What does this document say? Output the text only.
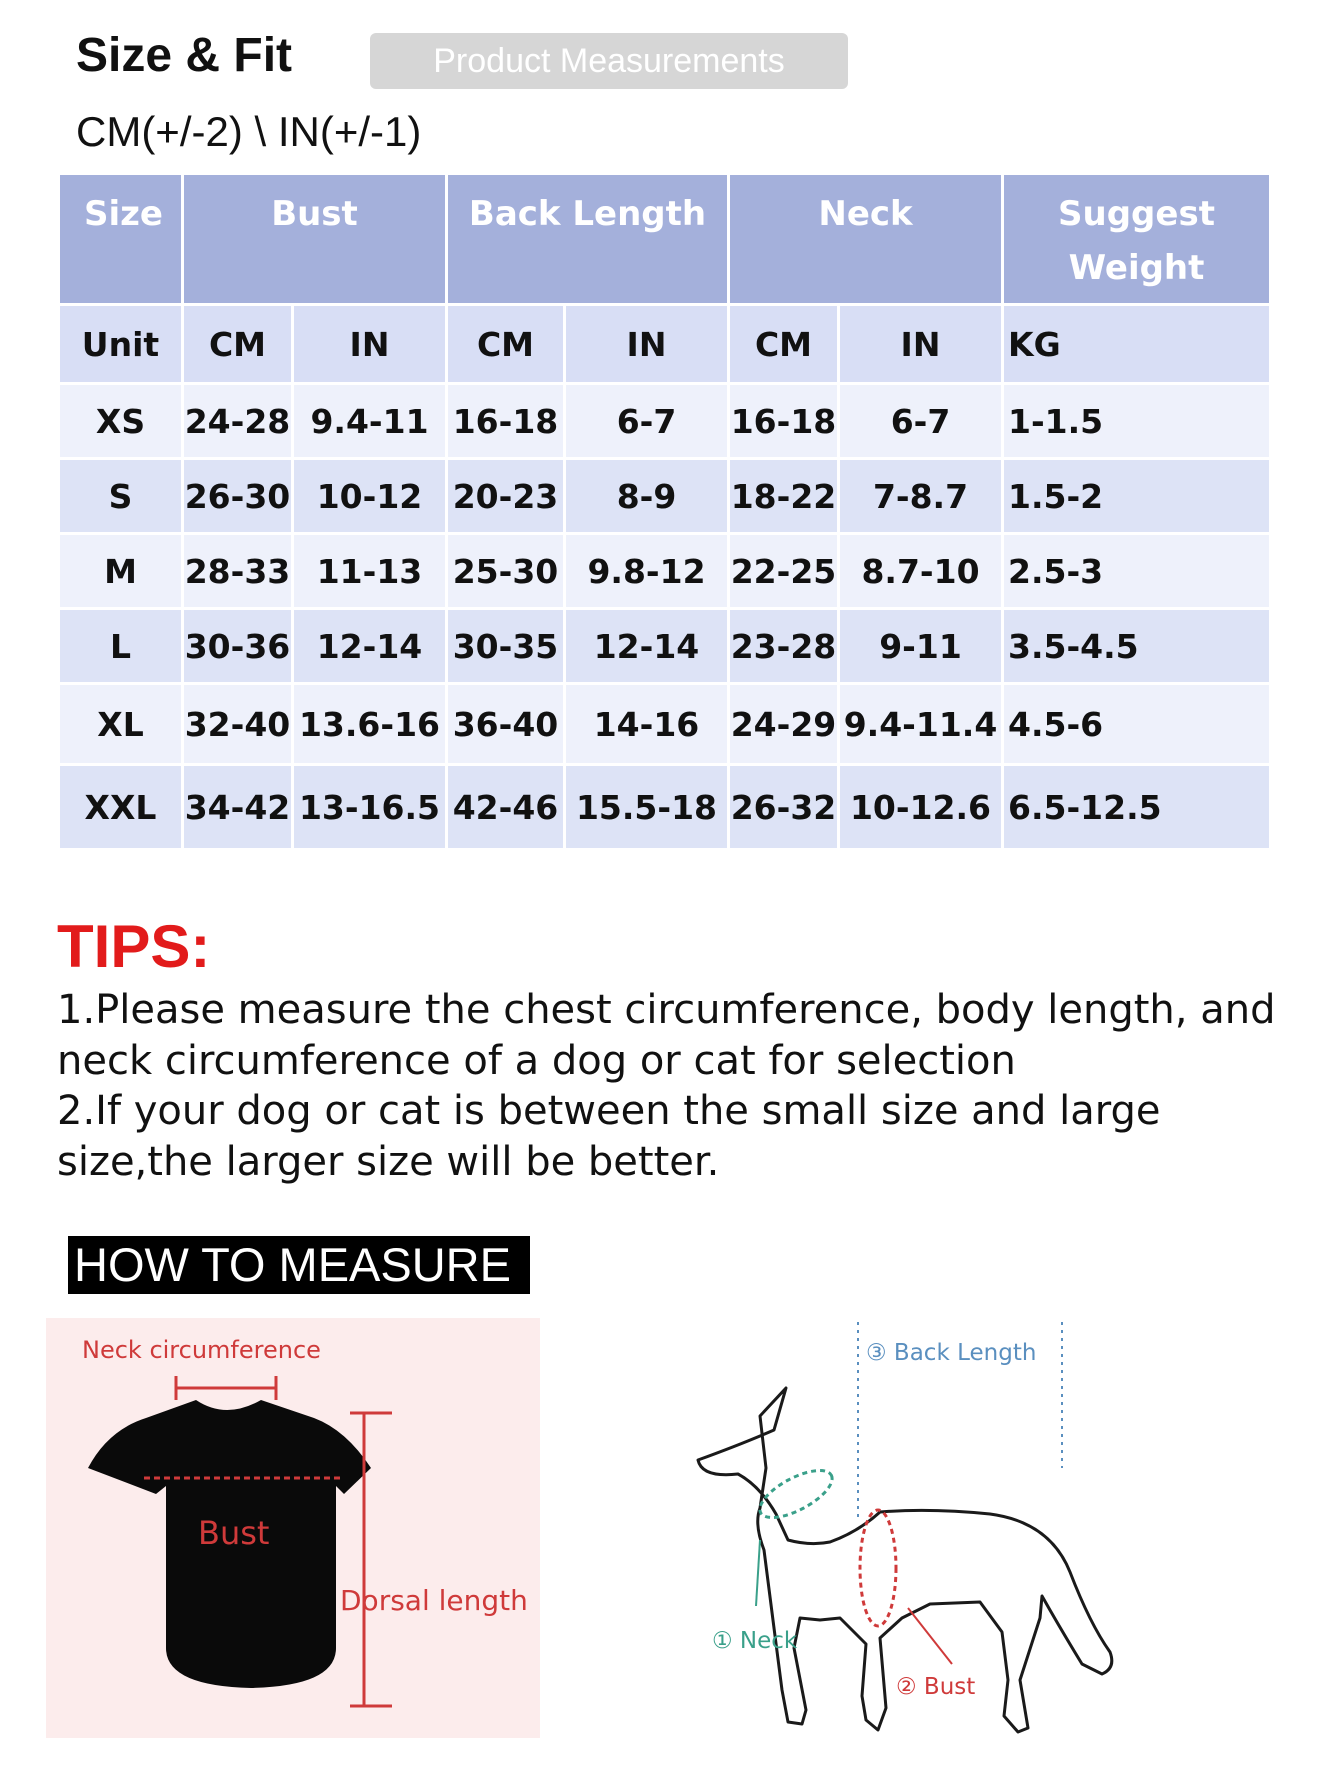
Size & Fit	Product Measurements
CM(+/-2) \ IN(+/-1)
Size	Bust		Back Length		Neck		Suggest
Weight

Unit	CM	IN	CM	IN	CM	IN	KG
XS	24-28	9.4-11	16-18	6-7	16-18	6-7	1-1.5
S	26-30	10-12	20-23	8-9	18-22	7-8.7	1.5-2
M	28-33	11-13	25-30	9.8-12	22-25	8.7-10	2.5-3
L	30-36	12-14	30-35	12-14	23-28	9-11	3.5-4.5
XL	32-40	13.6-16	36-40	14-16	24-29	9.4-11.4	4.5-6
XXL	34-42	13-16.5	42-46	15.5-18	26-32	10-12.6	6.5-12.5
TIPS:
1.Please measure the chest circumference, body length, and
neck circumference of a dog or cat for selection
2.If your dog or cat is between the small size and large
size,the larger size will be better.
HOW TO MEASURE
Neck circumference
Bust
Dorsal length
③ Back Length
① Neck
② Bust
